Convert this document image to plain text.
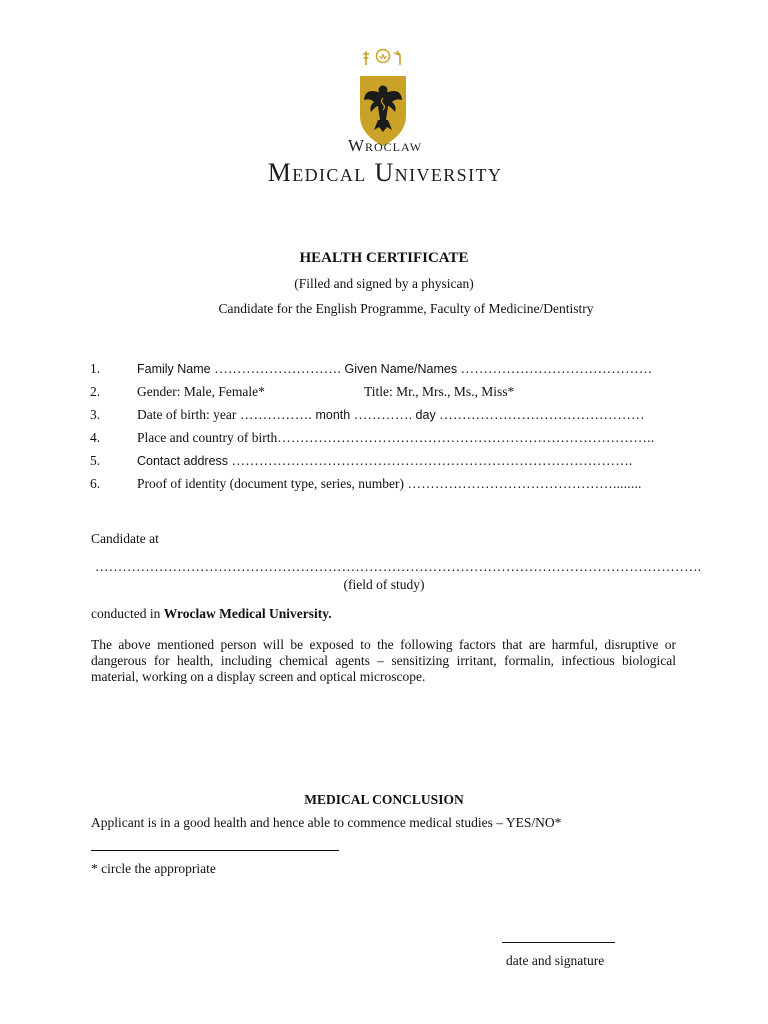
Wroclaw
Medical University
HEALTH CERTIFICATE
(Filled and signed by a physican)
Candidate for the English Programme, Faculty of Medicine/Dentistry
1.	Family Name ………………………. Given Name/Names ……………………………………
2.	Gender: Male, Female*	Title: Mr., Mrs., Ms., Miss*
3.	Date of birth: year ……………. month …………. day ………………………………………
4.	Place and country of birth………………………………………………………………………..
5.	Contact address …………………………………………………………………………….
6.	Proof of identity (document type, series, number) ………………………………………........
Candidate at
…………………………………………………………………………………………………………………….
(field of study)
conducted in Wroclaw Medical University.
The above mentioned person will be exposed to the following factors that are harmful, disruptive or dangerous for health, including chemical agents – sensitizing irritant, formalin, infectious biological material, working on a display screen and optical microscope.
MEDICAL CONCLUSION
Applicant is in a good health and hence able to commence medical studies – YES/NO*
* circle the appropriate
date and signature
